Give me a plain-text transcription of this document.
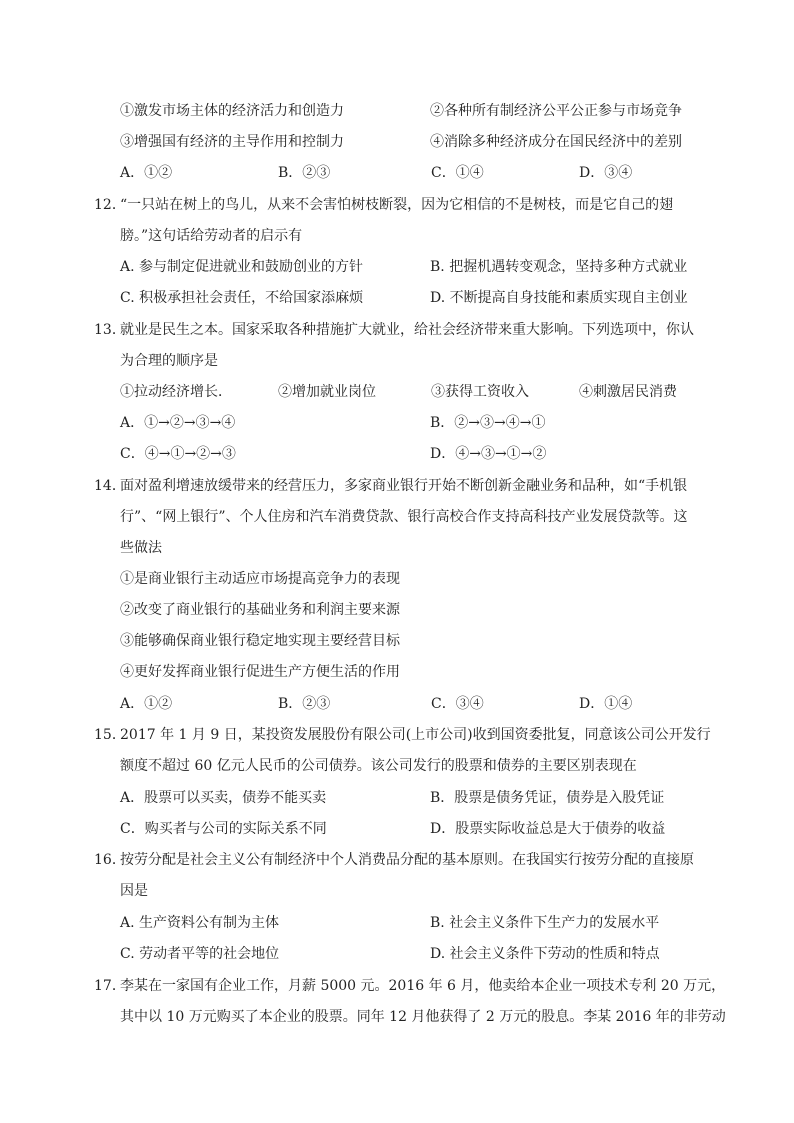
①激发市场主体的经济活力和创造力	②各种所有制经济公平公正参与市场竞争
③增强国有经济的主导作用和控制力	④消除多种经济成分在国民经济中的差别
A．①②	B．②③	C．①④	D．③④
12．
“一只站在树上的鸟儿，从来不会害怕树枝断裂，因为它相信的不是树枝，而是它自己的翅
膀。”这句话给劳动者的启示有
A. 参与制定促进就业和鼓励创业的方针	B. 把握机遇转变观念，坚持多种方式就业
C. 积极承担社会责任，不给国家添麻烦	D. 不断提高自身技能和素质实现自主创业
13．
就业是民生之本。国家采取各种措施扩大就业，给社会经济带来重大影响。下列选项中，你认
为合理的顺序是
①拉动经济增长．	②增加就业岗位	③获得工资收入	④刺激居民消费
A．①→②→③→④	B．②→③→④→①
C．④→①→②→③	D．④→③→①→②
14．
面对盈利增速放缓带来的经营压力，多家商业银行开始不断创新金融业务和品种，如“手机银
行”、“网上银行”、个人住房和汽车消费贷款、银行高校合作支持高科技产业发展贷款等。这
些做法
①是商业银行主动适应市场提高竞争力的表现
②改变了商业银行的基础业务和利润主要来源
③能够确保商业银行稳定地实现主要经营目标
④更好发挥商业银行促进生产方便生活的作用
A．①②	B．②③	C．③④	D．①④
15．
2017 年 1 月 9 日，某投资发展股份有限公司(上市公司)收到国资委批复，同意该公司公开发行
额度不超过 60 亿元人民币的公司债券。该公司发行的股票和债券的主要区别表现在
A．股票可以买卖，债券不能买卖	B．股票是债务凭证，债券是入股凭证
C．购买者与公司的实际关系不同	D．股票实际收益总是大于债券的收益
16．
按劳分配是社会主义公有制经济中个人消费品分配的基本原则。在我国实行按劳分配的直接原
因是
A. 生产资料公有制为主体	B. 社会主义条件下生产力的发展水平
C. 劳动者平等的社会地位	D. 社会主义条件下劳动的性质和特点
17．
李某在一家国有企业工作，月薪 5000 元。2016 年 6 月，他卖给本企业一项技术专利 20 万元，
其中以 10 万元购买了本企业的股票。同年 12 月他获得了 2 万元的股息。李某 2016 年的非劳动
